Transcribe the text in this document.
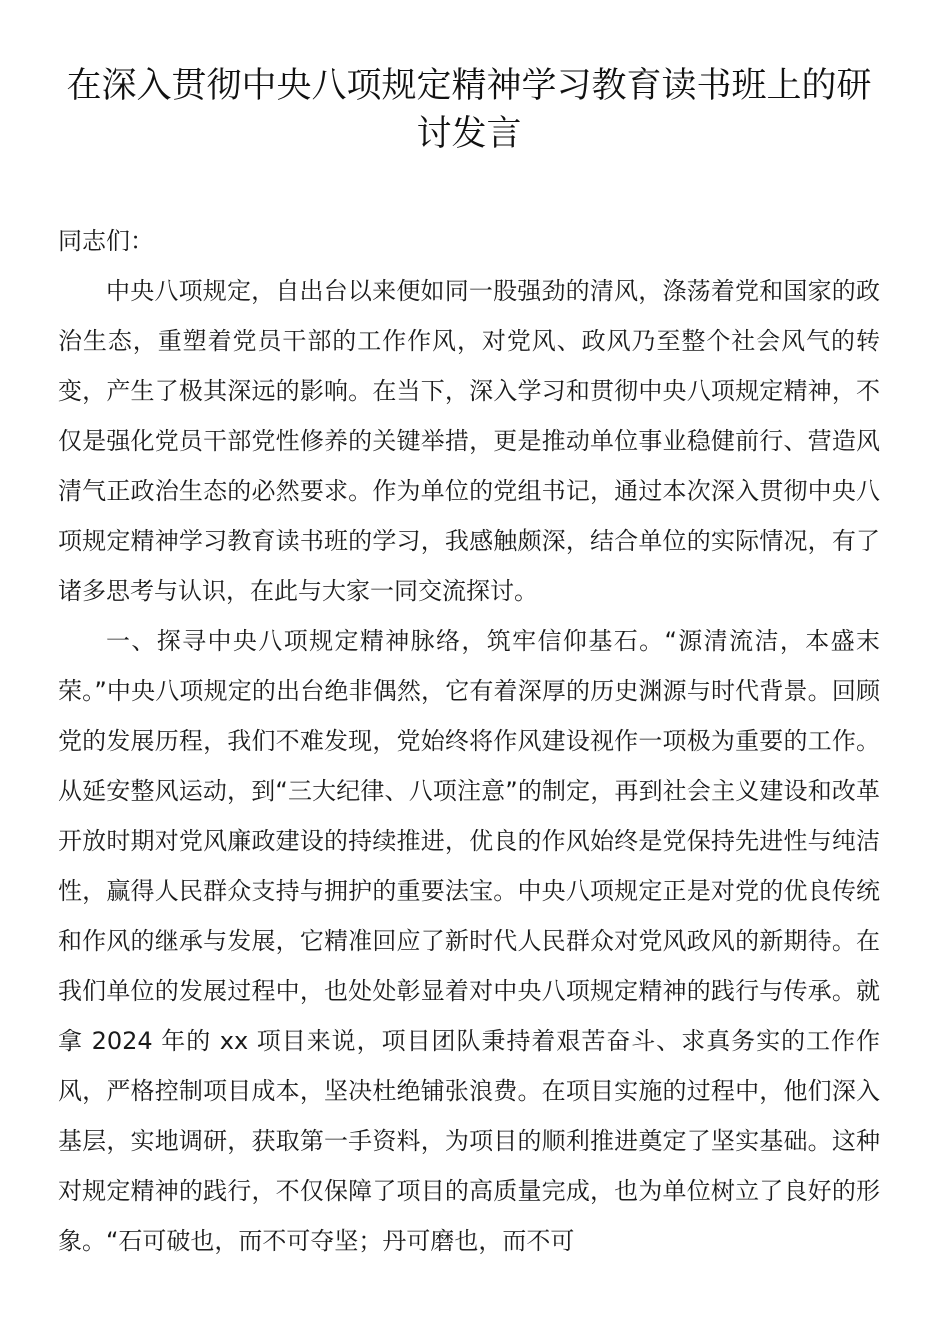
在深入贯彻中央八项规定精神学习教育读书班上的研讨发言

同志们：

中央八项规定，自出台以来便如同一股强劲的清风，涤荡着党和国家的政治生态，重塑着党员干部的工作作风，对党风、政风乃至整个社会风气的转变，产生了极其深远的影响。在当下，深入学习和贯彻中央八项规定精神，不仅是强化党员干部党性修养的关键举措，更是推动单位事业稳健前行、营造风清气正政治生态的必然要求。作为单位的党组书记，通过本次深入贯彻中央八项规定精神学习教育读书班的学习，我感触颇深，结合单位的实际情况，有了诸多思考与认识，在此与大家一同交流探讨。

一、探寻中央八项规定精神脉络，筑牢信仰基石。“源清流洁，本盛末荣。”中央八项规定的出台绝非偶然，它有着深厚的历史渊源与时代背景。回顾党的发展历程，我们不难发现，党始终将作风建设视作一项极为重要的工作。从延安整风运动，到“三大纪律、八项注意”的制定，再到社会主义建设和改革开放时期对党风廉政建设的持续推进，优良的作风始终是党保持先进性与纯洁性，赢得人民群众支持与拥护的重要法宝。中央八项规定正是对党的优良传统和作风的继承与发展，它精准回应了新时代人民群众对党风政风的新期待。在我们单位的发展过程中，也处处彰显着对中央八项规定精神的践行与传承。就拿 2024 年的 xx 项目来说，项目团队秉持着艰苦奋斗、求真务实的工作作风，严格控制项目成本，坚决杜绝铺张浪费。在项目实施的过程中，他们深入基层，实地调研，获取第一手资料，为项目的顺利推进奠定了坚实基础。这种对规定精神的践行，不仅保障了项目的高质量完成，也为单位树立了良好的形象。“石可破也，而不可夺坚；丹可磨也，而不可
